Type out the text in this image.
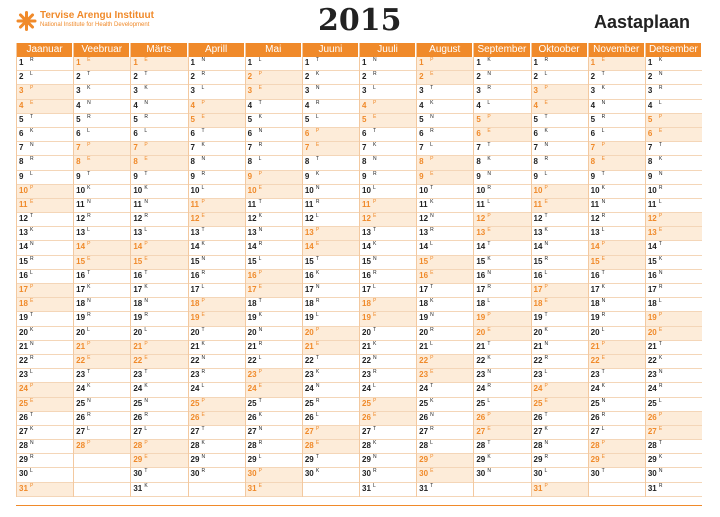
Tervise Arengu Instituut
National Institute for Health Development	2015	Aastaplaan
Jaanuar
1 R
2 L
3 P
4 E
5 T
6 K
7 N
8 R
9 L
10 P
11 E
12 T
13 K
14 N
15 R
16 L
17 P
18 E
19 T
20 K
21 N
22 R
23 L
24 P
25 E
26 T
27 K
28 N
29 R
30 L
31 P
Veebruar
1 E
2 T
3 K
4 N
5 R
6 L
7 P
8 E
9 T
10 K
11 N
12 R
13 L
14 P
15 E
16 T
17 K
18 N
19 R
20 L
21 P
22 E
23 T
24 K
25 N
26 R
27 L
28 P
Märts
1 E
2 T
3 K
4 N
5 R
6 L
7 P
8 E
9 T
10 K
11 N
12 R
13 L
14 P
15 E
16 T
17 K
18 N
19 R
20 L
21 P
22 E
23 T
24 K
25 N
26 R
27 L
28 P
29 E
30 T
31 K
Aprill
1 N
2 R
3 L
4 P
5 E
6 T
7 K
8 N
9 R
10 L
11 P
12 E
13 T
14 K
15 N
16 R
17 L
18 P
19 E
20 T
21 K
22 N
23 R
24 L
25 P
26 E
27 T
28 K
29 N
30 R
Mai
1 L
2 P
3 E
4 T
5 K
6 N
7 R
8 L
9 P
10 E
11 T
12 K
13 N
14 R
15 L
16 P
17 E
18 T
19 K
20 N
21 R
22 L
23 P
24 E
25 T
26 K
27 N
28 R
29 L
30 P
31 E
Juuni
1 T
2 K
3 N
4 R
5 L
6 P
7 E
8 T
9 K
10 N
11 R
12 L
13 P
14 E
15 T
16 K
17 N
18 R
19 L
20 P
21 E
22 T
23 K
24 N
25 R
26 L
27 P
28 E
29 T
30 K
Juuli
1 N
2 R
3 L
4 P
5 E
6 T
7 K
8 N
9 R
10 L
11 P
12 E
13 T
14 K
15 N
16 R
17 L
18 P
19 E
20 T
21 K
22 N
23 R
24 L
25 P
26 E
27 T
28 K
29 N
30 R
31 L
August
1 P
2 E
3 T
4 K
5 N
6 R
7 L
8 P
9 E
10 T
11 K
12 N
13 R
14 L
15 P
16 E
17 T
18 K
19 N
20 R
21 L
22 P
23 E
24 T
25 K
26 N
27 R
28 L
29 P
30 E
31 T
September
1 K
2 N
3 R
4 L
5 P
6 E
7 T
8 K
9 N
10 R
11 L
12 P
13 E
14 T
15 K
16 N
17 R
18 L
19 P
20 E
21 T
22 K
23 N
24 R
25 L
26 P
27 E
28 T
29 K
30 N
Oktoober
1 R
2 L
3 P
4 E
5 T
6 K
7 N
8 R
9 L
10 P
11 E
12 T
13 K
14 N
15 R
16 L
17 P
18 E
19 T
20 K
21 N
22 R
23 L
24 P
25 E
26 T
27 K
28 N
29 R
30 L
31 P
November
1 E
2 T
3 K
4 N
5 R
6 L
7 P
8 E
9 T
10 K
11 N
12 R
13 L
14 P
15 E
16 T
17 K
18 N
19 R
20 L
21 P
22 E
23 T
24 K
25 N
26 R
27 L
28 P
29 E
30 T
Detsember
1 K
2 N
3 R
4 L
5 P
6 E
7 T
8 K
9 N
10 R
11 L
12 P
13 E
14 T
15 K
16 N
17 R
18 L
19 P
20 E
21 T
22 K
23 N
24 R
25 L
26 P
27 E
28 T
29 K
30 N
31 R
